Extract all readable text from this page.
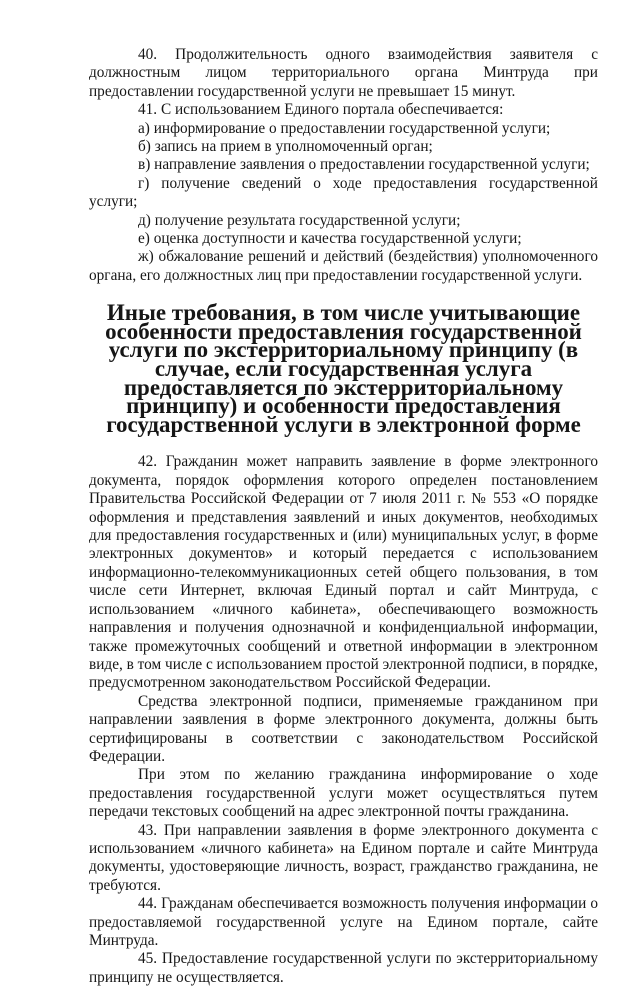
40. Продолжительность одного взаимодействия заявителя с должностным лицом территориального органа Минтруда при предоставлении государственной услуги не превышает 15 минут.

41. С использованием Единого портала обеспечивается:

а) информирование о предоставлении государственной услуги;

б) запись на прием в уполномоченный орган;

в) направление заявления о предоставлении государственной услуги;

г) получение сведений о ходе предоставления государственной услуги;

д) получение результата государственной услуги;

е) оценка доступности и качества государственной услуги;

ж) обжалование решений и действий (бездействия) уполномоченного органа, его должностных лиц при предоставлении государственной услуги.

Иные требования, в том числе учитывающие особенности предоставления государственной услуги по экстерриториальному принципу (в случае, если государственная услуга предоставляется по экстерриториальному принципу) и особенности предоставления государственной услуги в электронной форме

42. Гражданин может направить заявление в форме электронного документа, порядок оформления которого определен постановлением Правительства Российской Федерации от 7 июля 2011 г. № 553 «О порядке оформления и представления заявлений и иных документов, необходимых для предоставления государственных и (или) муниципальных услуг, в форме электронных документов» и который передается с использованием информационно-телекоммуникационных сетей общего пользования, в том числе сети Интернет, включая Единый портал и сайт Минтруда, с использованием «личного кабинета», обеспечивающего возможность направления и получения однозначной и конфиденциальной информации, также промежуточных сообщений и ответной информации в электронном виде, в том числе с использованием простой электронной подписи, в порядке, предусмотренном законодательством Российской Федерации.

Средства электронной подписи, применяемые гражданином при направлении заявления в форме электронного документа, должны быть сертифицированы в соответствии с законодательством Российской Федерации.

При этом по желанию гражданина информирование о ходе предоставления государственной услуги может осуществляться путем передачи текстовых сообщений на адрес электронной почты гражданина.

43. При направлении заявления в форме электронного документа с использованием «личного кабинета» на Едином портале и сайте Минтруда документы, удостоверяющие личность, возраст, гражданство гражданина, не требуются.

44. Гражданам обеспечивается возможность получения информации о предоставляемой государственной услуге на Едином портале, сайте Минтруда.

45. Предоставление государственной услуги по экстерриториальному принципу не осуществляется.
